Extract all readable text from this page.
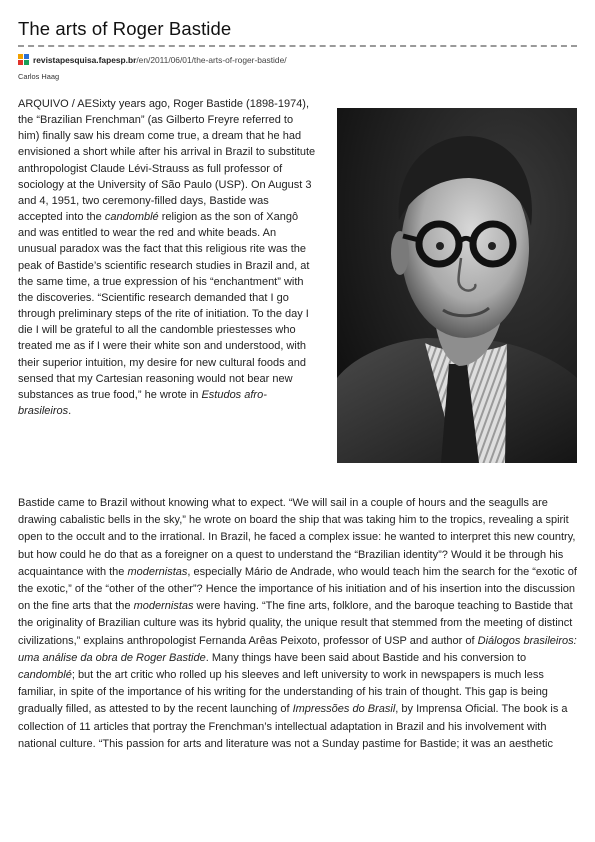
The arts of Roger Bastide
revistapesquisa.fapesp.br /en/2011/06/01/the-arts-of-roger-bastide/
Carlos Haag

ARQUIVO / AESixty years ago, Roger Bastide (1898-1974), the “Brazilian Frenchman” (as Gilberto Freyre referred to him) finally saw his dream come true, a dream that he had envisioned a short while after his arrival in Brazil to substitute anthropologist Claude Lévi-Strauss as full professor of sociology at the University of São Paulo (USP). On August 3 and 4, 1951, two ceremony-filled days, Bastide was accepted into the candomblé religion as the son of Xangô and was entitled to wear the red and white beads. An unusual paradox was the fact that this religious rite was the peak of Bastide’s scientific research studies in Brazil and, at the same time, a true expression of his “enchantment” with the discoveries. “Scientific research demanded that I go through preliminary steps of the rite of initiation. To the day I die I will be grateful to all the candomble priestesses who treated me as if I were their white son and understood, with their superior intuition, my desire for new cultural foods and sensed that my Cartesian reasoning would not bear new substances as true food,” he wrote in Estudos afro-brasileiros.

Bastide came to Brazil without knowing what to expect. “We will sail in a couple of hours and the seagulls are drawing cabalistic bells in the sky,” he wrote on board the ship that was taking him to the tropics, revealing a spirit open to the occult and to the irrational. In Brazil, he faced a complex issue: he wanted to interpret this new country, but how could he do that as a foreigner on a quest to understand the “Brazilian identity”? Would it be through his acquaintance with the modernistas, especially Mário de Andrade, who would teach him the search for the “exotic of the exotic,” of the “other of the other”? Hence the importance of his initiation and of his insertion into the discussion on the fine arts that the modernistas were having. “The fine arts, folklore, and the baroque teaching to Bastide that the originality of Brazilian culture was its hybrid quality, the unique result that stemmed from the meeting of distinct civilizations,” explains anthropologist Fernanda Arêas Peixoto, professor of USP and author of Diálogos brasileiros: uma análise da obra de Roger Bastide. Many things have been said about Bastide and his conversion to candomblé; but the art critic who rolled up his sleeves and left university to work in newspapers is much less familiar, in spite of the importance of his writing for the understanding of his train of thought. This gap is being gradually filled, as attested to by the recent launching of Impressões do Brasil, by Imprensa Oficial. The book is a collection of 11 articles that portray the Frenchman’s intellectual adaptation in Brazil and his involvement with national culture. “This passion for arts and literature was not a Sunday pastime for Bastide; it was an aesthetic
